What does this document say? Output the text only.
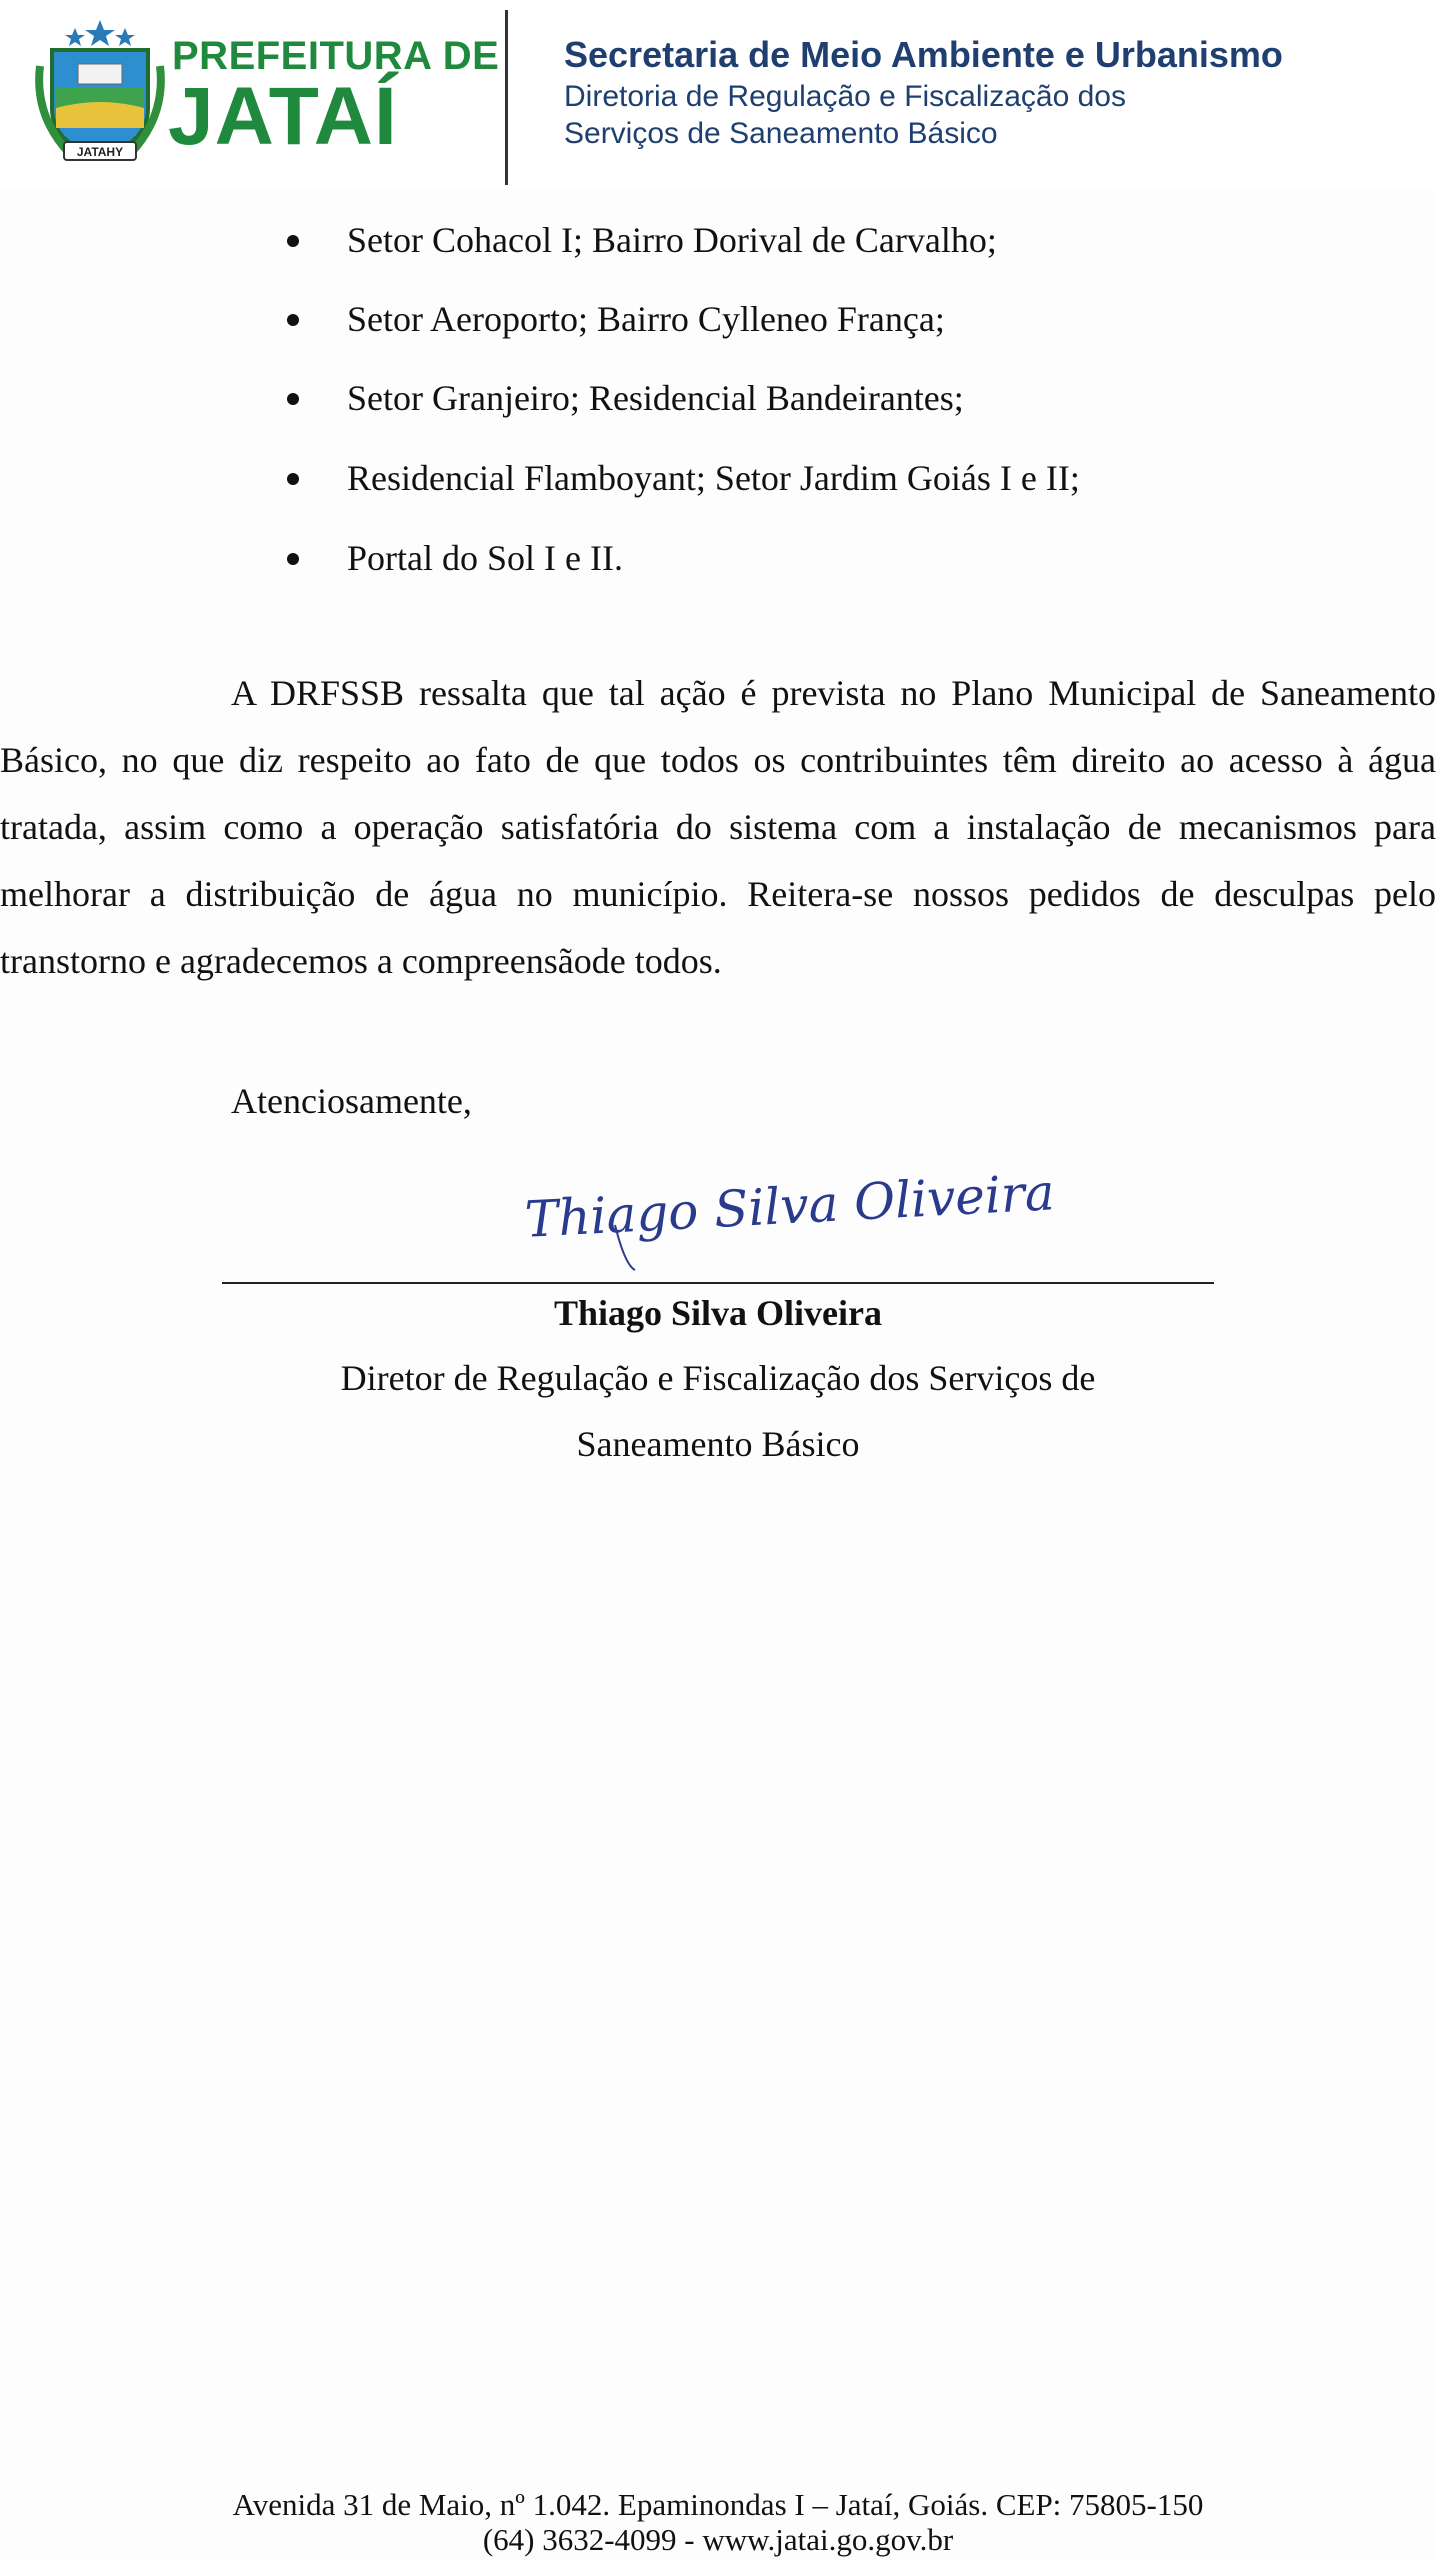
JATAHY
PREFEITURA DE
JATAÍ
Secretaria de Meio Ambiente e Urbanismo
Diretoria de Regulação e Fiscalização dos
Serviços de Saneamento Básico
Setor Cohacol I; Bairro Dorival de Carvalho;
Setor Aeroporto; Bairro Cylleneo França;
Setor Granjeiro; Residencial Bandeirantes;
Residencial Flamboyant; Setor Jardim Goiás I e II;
Portal do Sol I e II.

A DRFSSB ressalta que tal ação é prevista no Plano Municipal de Saneamento Básico, no que diz respeito ao fato de que todos os contribuintes têm direito ao acesso à água tratada, assim como a operação satisfatória do sistema com a instalação de mecanismos para melhorar a distribuição de água no município. Reitera-se nossos pedidos de desculpas pelo transtorno e agradecemos a compreensãode todos.

Atenciosamente,
Thiago Silva Oliveira
Thiago Silva Oliveira
Diretor de Regulação e Fiscalização dos Serviços de
Saneamento Básico
Avenida 31 de Maio, nº 1.042. Epaminondas I – Jataí, Goiás. CEP: 75805-150
(64) 3632-4099 - www.jatai.go.gov.br
